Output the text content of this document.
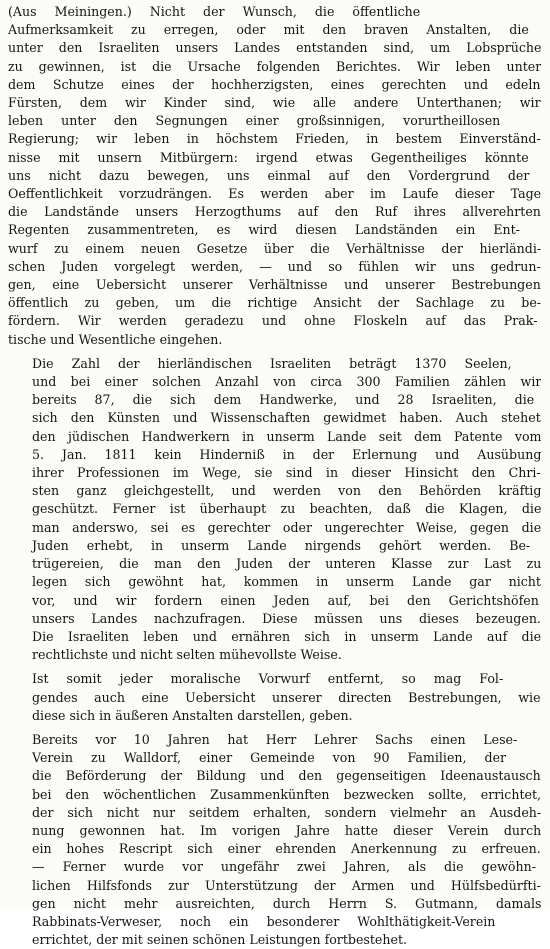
(Aus Meiningen.) Nicht der Wunsch, die öffentliche
Aufmerksamkeit zu erregen, oder mit den braven Anstalten, die
unter den Israeliten unsers Landes entstanden sind, um Lobsprüche
zu gewinnen, ist die Ursache folgenden Berichtes. Wir leben unter
dem Schutze eines der hochherzigsten, eines gerechten und edeln
Fürsten, dem wir Kinder sind, wie alle andere Unterthanen; wir
leben unter den Segnungen einer großsinnigen, vorurtheillosen
Regierung; wir leben in höchstem Frieden, in bestem Einverständ-
nisse mit unsern Mitbürgern: irgend etwas Gegentheiliges könnte
uns nicht dazu bewegen, uns einmal auf den Vordergrund der
Oeffentlichkeit vorzudrängen. Es werden aber im Laufe dieser Tage
die Landstände unsers Herzogthums auf den Ruf ihres allverehrten
Regenten zusammentreten, es wird diesen Landständen ein Ent-
wurf zu einem neuen Gesetze über die Verhältnisse der hierländi-
schen Juden vorgelegt werden, — und so fühlen wir uns gedrun-
gen, eine Uebersicht unserer Verhältnisse und unserer Bestrebungen
öffentlich zu geben, um die richtige Ansicht der Sachlage zu be-
fördern. Wir werden geradezu und ohne Floskeln auf das Prak-
tische und Wesentliche eingehen.
Die Zahl der hierländischen Israeliten beträgt 1370 Seelen,
und bei einer solchen Anzahl von circa 300 Familien zählen wir
bereits 87, die sich dem Handwerke, und 28 Israeliten, die
sich den Künsten und Wissenschaften gewidmet haben. Auch stehet
den jüdischen Handwerkern in unserm Lande seit dem Patente vom
5. Jan. 1811 kein Hinderniß in der Erlernung und Ausübung
ihrer Professionen im Wege, sie sind in dieser Hinsicht den Chri-
sten ganz gleichgestellt, und werden von den Behörden kräftig
geschützt. Ferner ist überhaupt zu beachten, daß die Klagen, die
man anderswo, sei es gerechter oder ungerechter Weise, gegen die
Juden erhebt, in unserm Lande nirgends gehört werden. Be-
trügereien, die man den Juden der unteren Klasse zur Last zu
legen sich gewöhnt hat, kommen in unserm Lande gar nicht
vor, und wir fordern einen Jeden auf, bei den Gerichtshöfen
unsers Landes nachzufragen. Diese müssen uns dieses bezeugen.
Die Israeliten leben und ernähren sich in unserm Lande auf die
rechtlichste und nicht selten mühevollste Weise.
Ist somit jeder moralische Vorwurf entfernt, so mag Fol-
gendes auch eine Uebersicht unserer directen Bestrebungen, wie
diese sich in äußeren Anstalten darstellen, geben.
Bereits vor 10 Jahren hat Herr Lehrer Sachs einen Lese-
Verein zu Walldorf, einer Gemeinde von 90 Familien, der
die Beförderung der Bildung und den gegenseitigen Ideenaustausch
bei den wöchentlichen Zusammenkünften bezwecken sollte, errichtet,
der sich nicht nur seitdem erhalten, sondern vielmehr an Ausdeh-
nung gewonnen hat. Im vorigen Jahre hatte dieser Verein durch
ein hohes Rescript sich einer ehrenden Anerkennung zu erfreuen.
— Ferner wurde vor ungefähr zwei Jahren, als die gewöhn-
lichen Hilfsfonds zur Unterstützung der Armen und Hülfsbedürfti-
gen nicht mehr ausreichten, durch Herrn S. Gutmann, damals
Rabbinats-Verweser, noch ein besonderer Wohlthätigkeit-Verein
errichtet, der mit seinen schönen Leistungen fortbestehet.
